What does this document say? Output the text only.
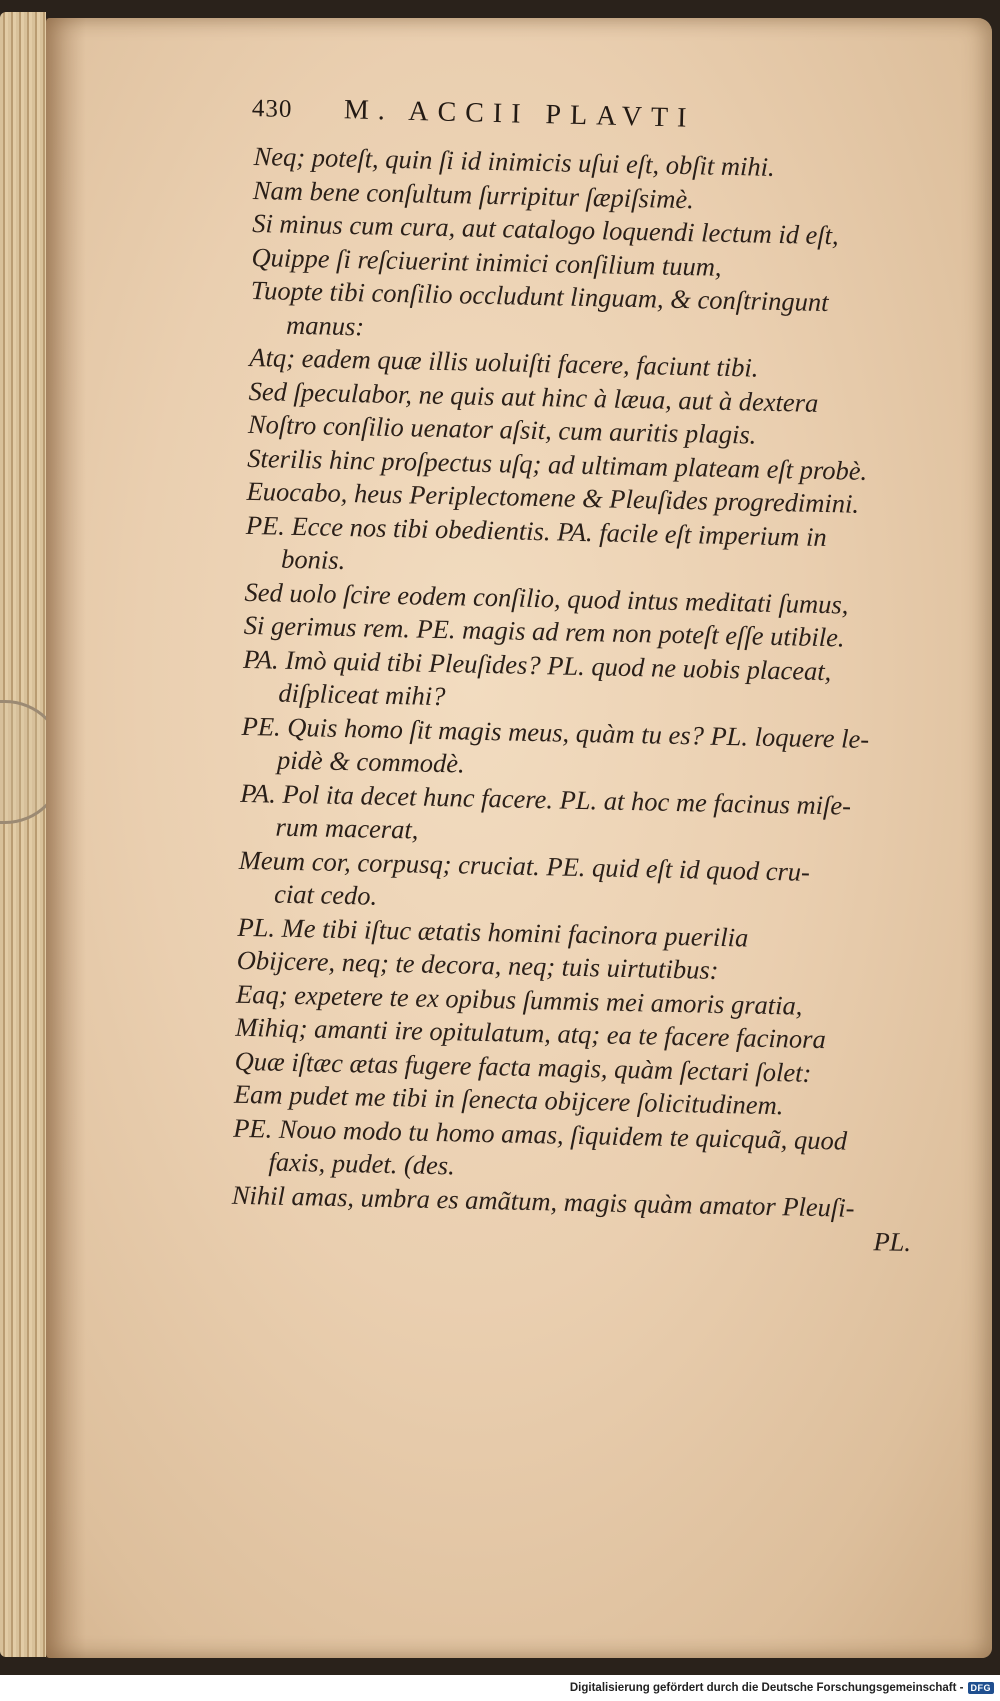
430	M. ACCII PLAVTI
Neq; poteſt, quin ſi id inimicis uſui eſt, obſit mihi.
Nam bene conſultum ſurripitur ſæpiſsimè.
Si minus cum cura, aut catalogo loquendi lectum id eſt,
Quippe ſi reſciuerint inimici conſilium tuum,
Tuopte tibi conſilio occludunt linguam, & conſtringunt
manus:
Atq; eadem quæ illis uoluiſti facere, faciunt tibi.
Sed ſpeculabor, ne quis aut hinc à læua, aut à dextera
Noſtro conſilio uenator aſsit, cum auritis plagis.
Sterilis hinc proſpectus uſq; ad ultimam plateam eſt probè.
Euocabo, heus Periplectomene & Pleuſides progredimini.
PE. Ecce nos tibi obedientis. PA. facile eſt imperium in
bonis.
Sed uolo ſcire eodem conſilio, quod intus meditati ſumus,
Si gerimus rem. PE. magis ad rem non poteſt eſſe utibile.
PA. Imò quid tibi Pleuſides? PL. quod ne uobis placeat,
diſpliceat mihi?
PE. Quis homo ſit magis meus, quàm tu es? PL. loquere le-
pidè & commodè.
PA. Pol ita decet hunc facere. PL. at hoc me facinus miſe-
rum macerat,
Meum cor, corpusq; cruciat. PE. quid eſt id quod cru-
ciat cedo.
PL. Me tibi iſtuc ætatis homini facinora puerilia
Obijcere, neq; te decora, neq; tuis uirtutibus:
Eaq; expetere te ex opibus ſummis mei amoris gratia,
Mihiq; amanti ire opitulatum, atq; ea te facere facinora
Quæ iſtæc ætas fugere facta magis, quàm ſectari ſolet:
Eam pudet me tibi in ſenecta obijcere ſolicitudinem.
PE. Nouo modo tu homo amas, ſiquidem te quicquã, quod
faxis, pudet. (des.
Nihil amas, umbra es amãtum, magis quàm amator Pleuſi-
PL.
Digitalisierung gefördert durch die Deutsche Forschungsgemeinschaft - DFG
